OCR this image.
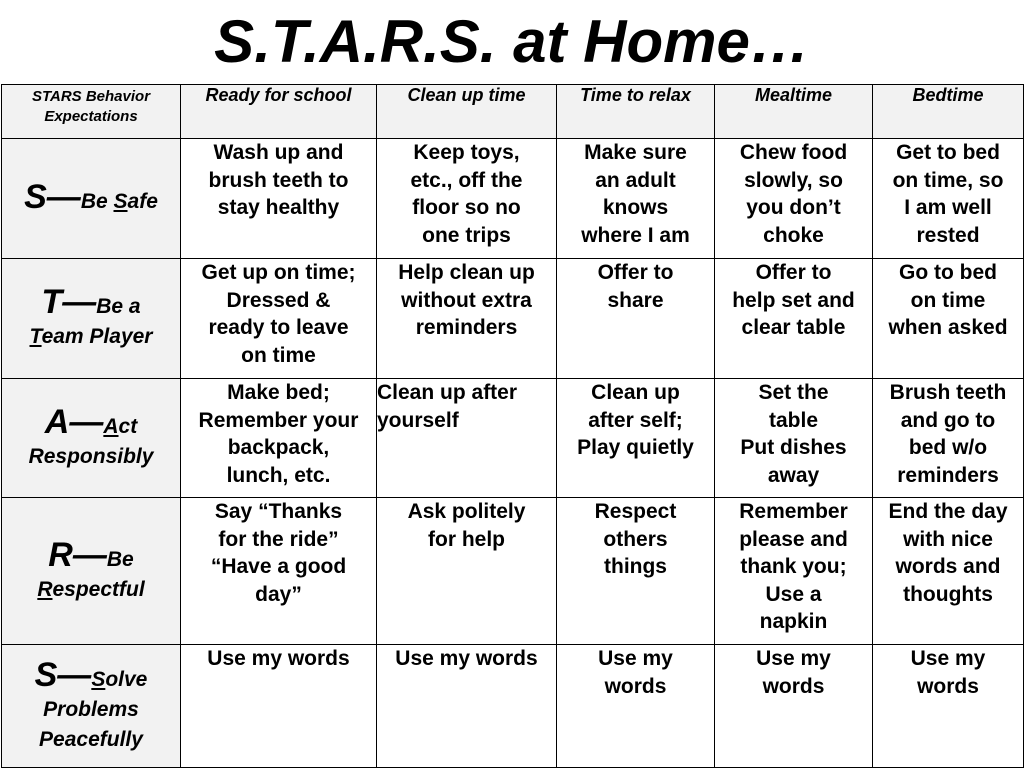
S.T.A.R.S. at Home…
STARS Behavior
Expectations	Ready for school	Clean up time	Time to relax	Mealtime	Bedtime
S—Be Safe	Wash up and
brush teeth to
stay healthy	Keep toys,
etc., off the
floor so no
one trips	Make sure
an adult
knows
where I am	Chew food
slowly, so
you don’t
choke	Get to bed
on time, so
I am well
rested

T—Be a
Team Player	Get up on time;
Dressed &
ready to leave
on time	Help clean up
without extra
reminders	Offer to
share	Offer to
help set and
clear table	Go to bed
on time
when asked

A—Act
Responsibly	Make bed;
Remember your
backpack,
lunch, etc.	Clean up after
yourself	Clean up
after self;
Play quietly	Set the
table
Put dishes
away	Brush teeth
and go to
bed w/o
reminders

R—Be
Respectful	Say “Thanks
for the ride”
“Have a good
day”	Ask politely
for help	Respect
others
things	Remember
please and
thank you;
Use a
napkin	End the day
with nice
words and
thoughts

S—Solve
Problems
Peacefully	Use my words	Use my words	Use my
words	Use my
words	Use my
words
